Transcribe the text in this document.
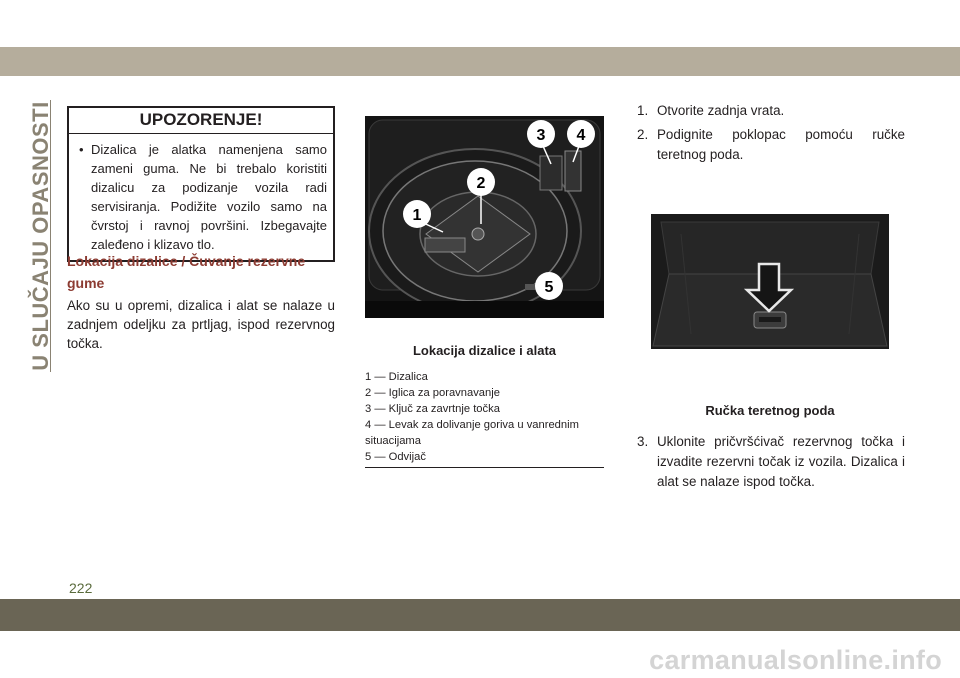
U SLUČAJU OPASNOSTI	UPOZORENJE!
• Dizalica je alatka namenjena samo zameni guma. Ne bi trebalo koristiti dizalicu za podizanje vozila radi servisiranja. Podižite vozilo samo na čvrstoj i ravnoj površini. Izbegavajte zaleđeno i klizavo tlo.
Lokacija dizalice / Čuvanje rezervne gume
Ako su u opremi, dizalica i alat se nalaze u zadnjem odeljku za prtljag, ispod rezervnog točka.
1
2
3 4
5
Lokacija dizalice i alata
1 — Dizalica
2 — Iglica za poravnavanje
3 — Ključ za zavrtnje točka
4 — Levak za dolivanje goriva u vanrednim situacijama
5 — Odvijač
1. Otvorite zadnja vrata.
2. Podignite poklopac pomoću ručke teretnog poda.
Ručka teretnog poda
3. Uklonite pričvršćivač rezervnog točka i izvadite rezervni točak iz vozila. Dizalica i alat se nalaze ispod točka.
222
carmanualsonline.info
